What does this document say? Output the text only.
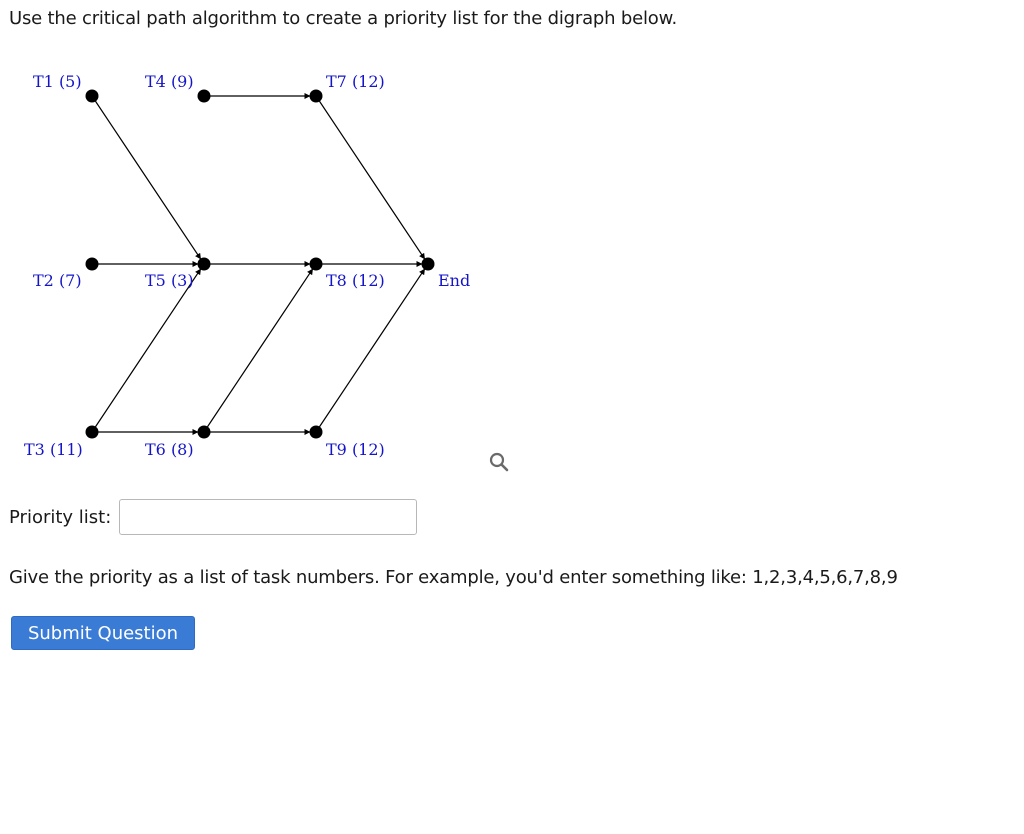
Use the critical path algorithm to create a priority list for the digraph below.
T1 (5)	T4 (9)	T7 (12)
T2 (7)	T5 (3)	T8 (12)	End
T3 (11)	T6 (8)	T9 (12)
Priority list:

Give the priority as a list of task numbers. For example, you'd enter something like: 1,2,3,4,5,6,7,8,9

Submit Question
